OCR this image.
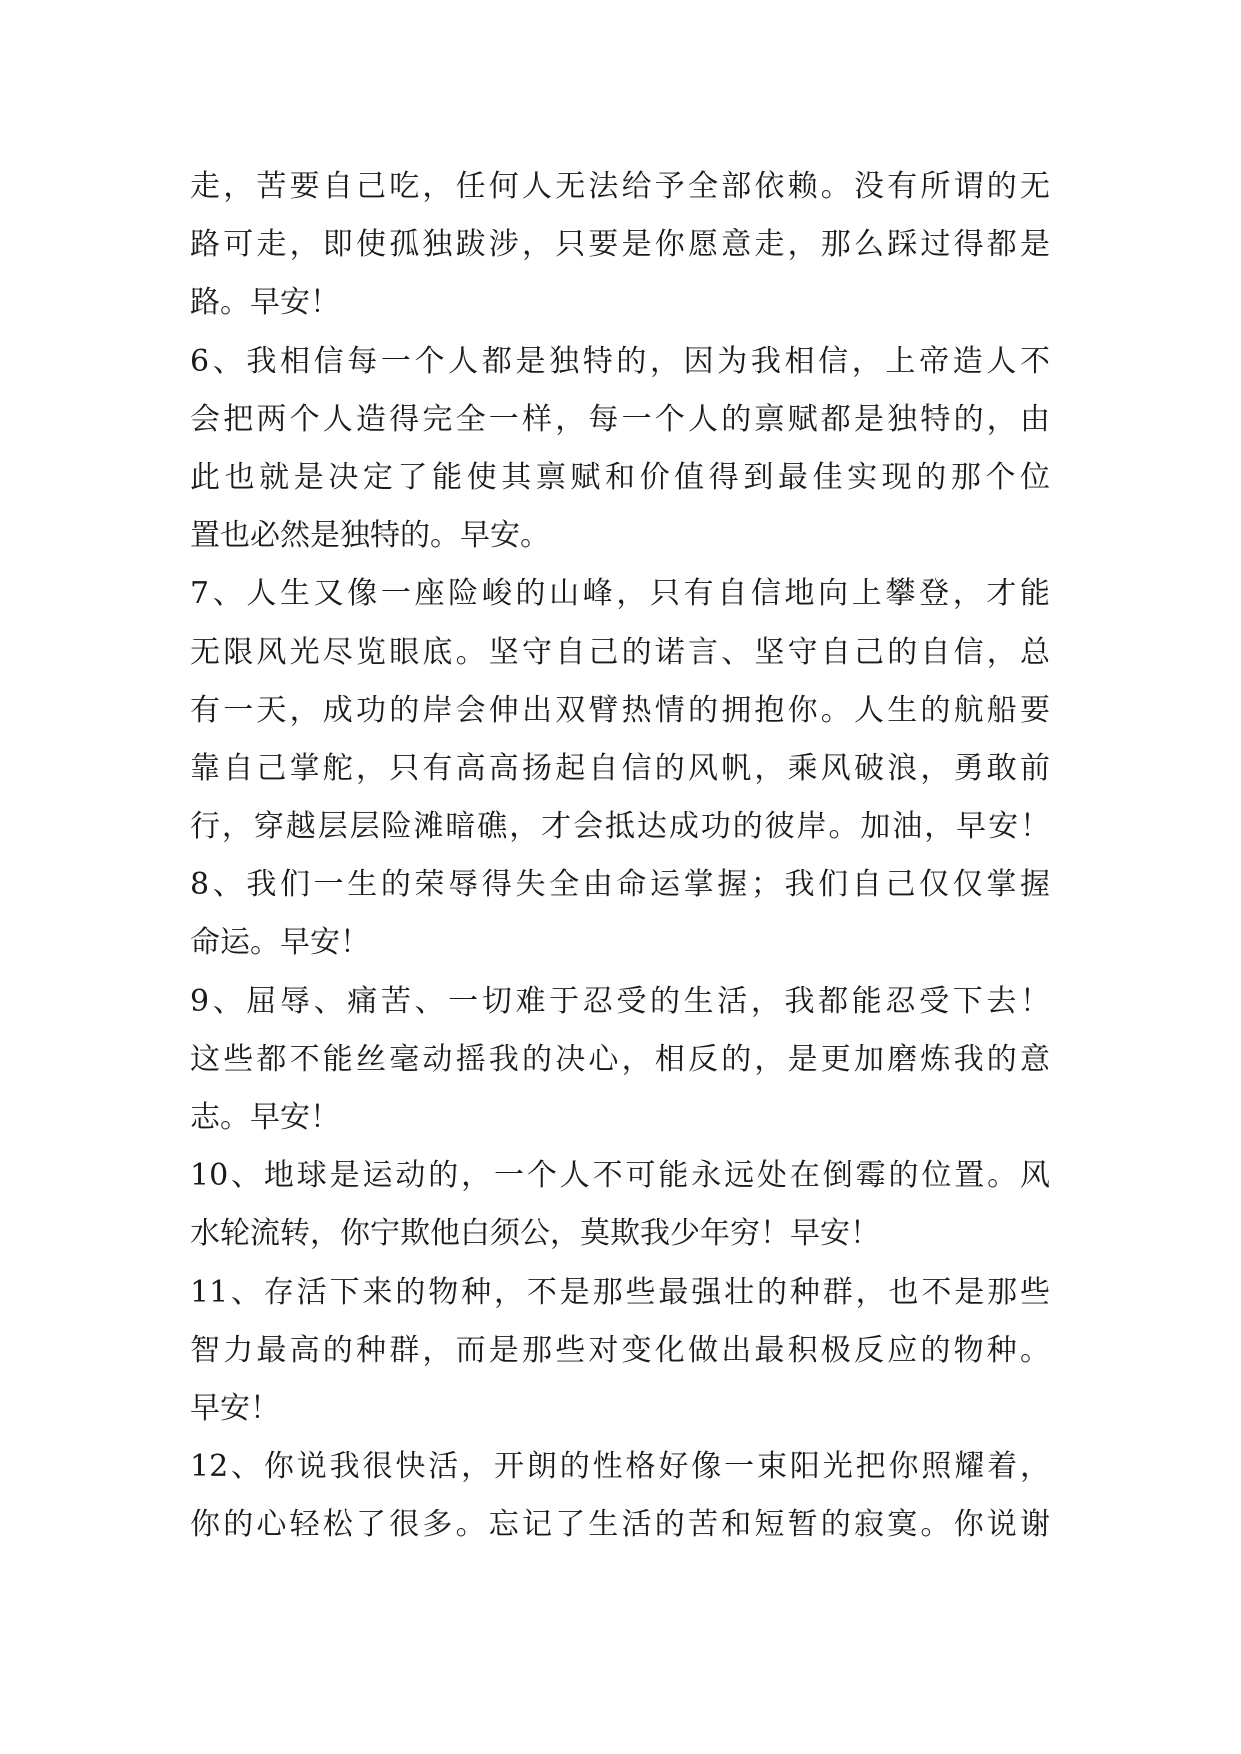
走，苦要自己吃，任何人无法给予全部依赖。没有所谓的无
路可走，即使孤独跋涉，只要是你愿意走，那么踩过得都是
路。早安！
6、我相信每一个人都是独特的，因为我相信，上帝造人不
会把两个人造得完全一样，每一个人的禀赋都是独特的，由
此也就是决定了能使其禀赋和价值得到最佳实现的那个位
置也必然是独特的。早安。
7、人生又像一座险峻的山峰，只有自信地向上攀登，才能
无限风光尽览眼底。坚守自己的诺言、坚守自己的自信，总
有一天，成功的岸会伸出双臂热情的拥抱你。人生的航船要
靠自己掌舵，只有高高扬起自信的风帆，乘风破浪，勇敢前
行，穿越层层险滩暗礁，才会抵达成功的彼岸。加油，早安！
8、我们一生的荣辱得失全由命运掌握；我们自己仅仅掌握
命运。早安！
9、屈辱、痛苦、一切难于忍受的生活，我都能忍受下去！
这些都不能丝毫动摇我的决心，相反的，是更加磨炼我的意
志。早安！
10、地球是运动的，一个人不可能永远处在倒霉的位置。风
水轮流转，你宁欺他白须公，莫欺我少年穷！早安！
11、存活下来的物种，不是那些最强壮的种群，也不是那些
智力最高的种群，而是那些对变化做出最积极反应的物种。
早安！
12、你说我很快活，开朗的性格好像一束阳光把你照耀着，
你的心轻松了很多。忘记了生活的苦和短暂的寂寞。你说谢
